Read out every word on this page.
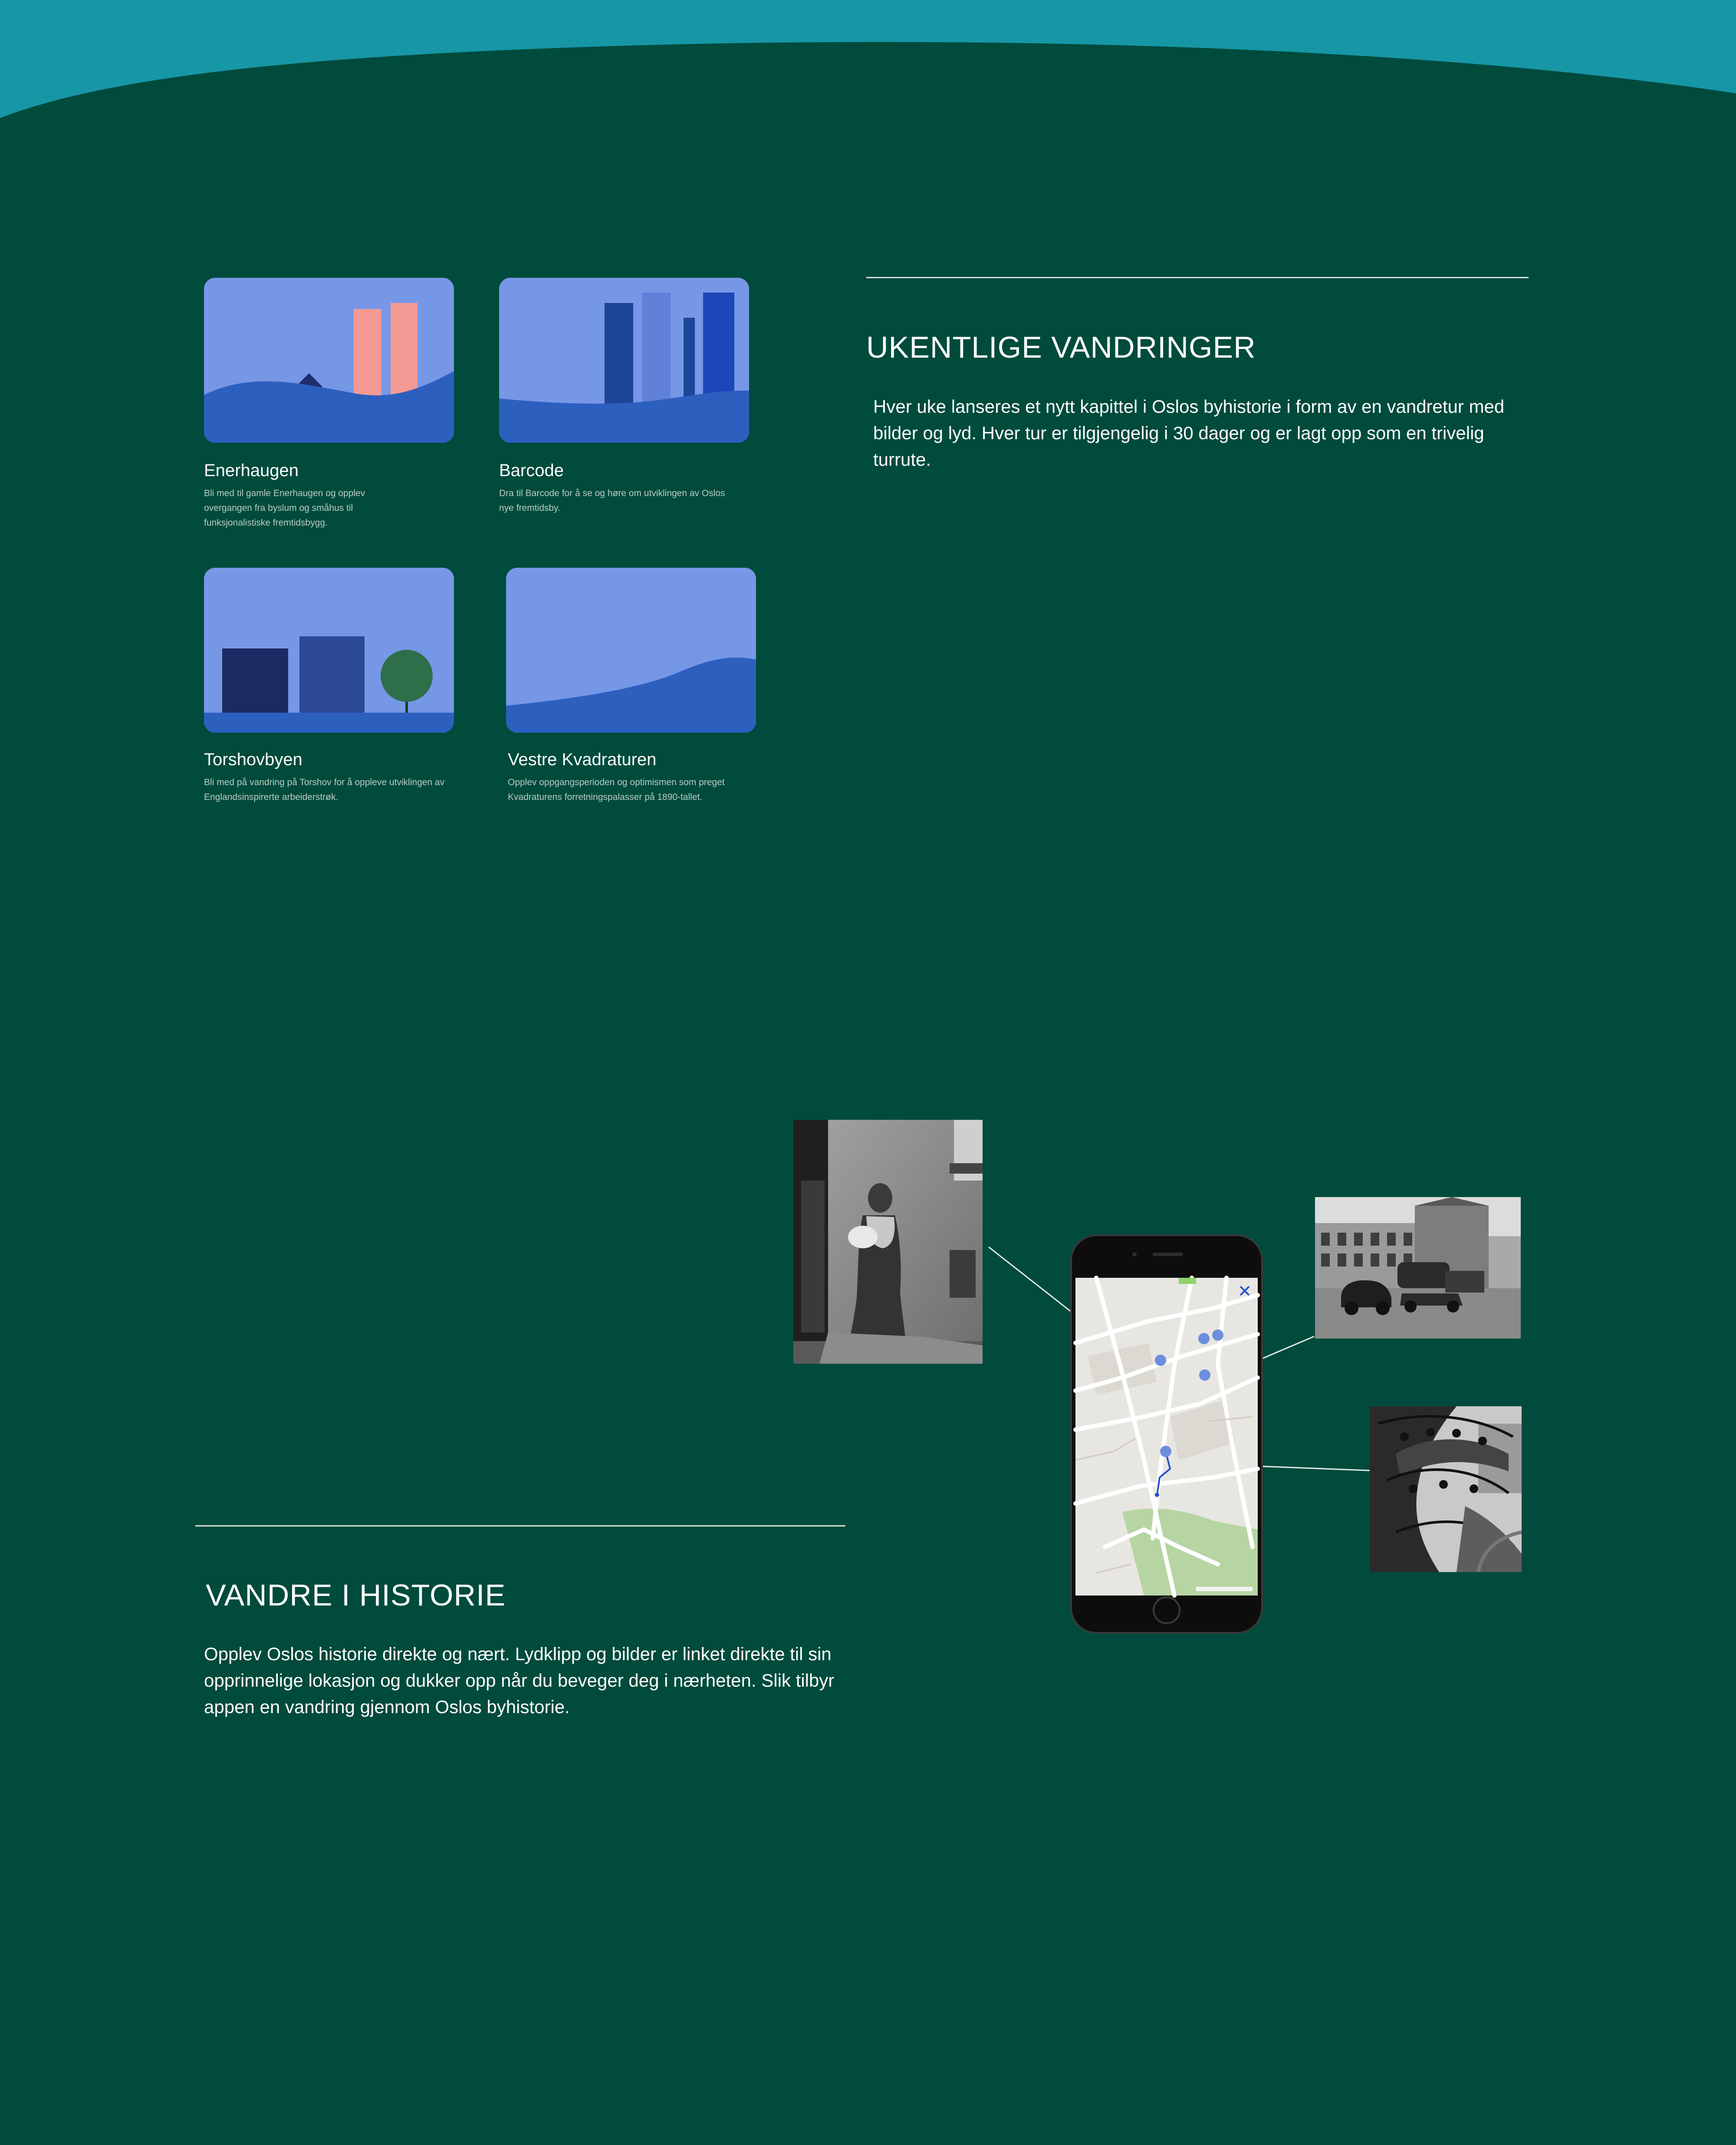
Enerhaugen
Bli med til gamle Enerhaugen og opplev overgangen fra byslum og småhus til funksjonalistiske fremtidsbygg.
Barcode
Dra til Barcode for å se og høre om utviklingen av Oslos nye fremtidsby.
Torshovbyen
Bli med på vandring på Torshov for å oppleve utviklingen av Englandsinspirerte arbeiderstrøk.
Vestre Kvadraturen
Opplev oppgangsperioden og optimismen som preget Kvadraturens forretningspalasser på 1890-tallet.
UKENTLIGE VANDRINGER
Hver uke lanseres et nytt kapittel i Oslos byhistorie i form av en vandretur med bilder og lyd. Hver tur er tilgjengelig i 30 dager og er lagt opp som en trivelig turrute.
VANDRE I HISTORIE
Opplev Oslos historie direkte og nært. Lydklipp og bilder er linket direkte til sin opprinnelige lokasjon og dukker opp når du beveger deg i nærheten. Slik tilbyr appen en vandring gjennom Oslos byhistorie.
